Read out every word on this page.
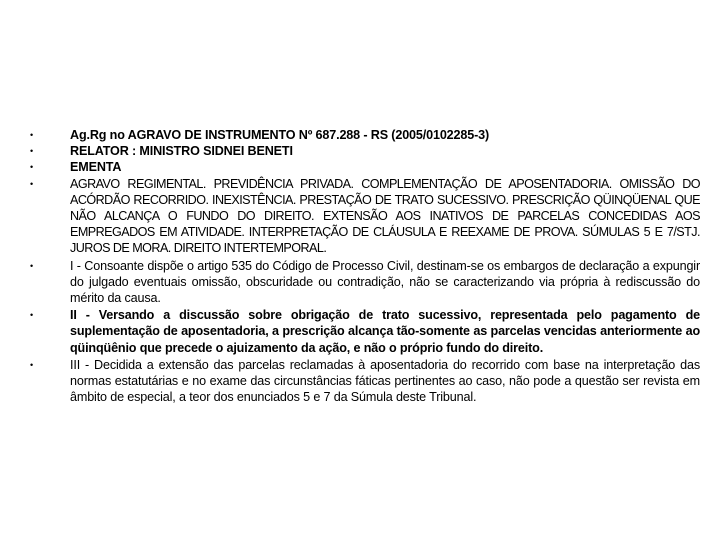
•	Ag.Rg no AGRAVO DE INSTRUMENTO Nº 687.288 - RS (2005/0102285-3)
•	RELATOR : MINISTRO SIDNEI BENETI
•	EMENTA
•	AGRAVO REGIMENTAL. PREVIDÊNCIA PRIVADA. COMPLEMENTAÇÃO DE APOSENTADORIA. OMISSÃO DO ACÓRDÃO RECORRIDO. INEXISTÊNCIA. PRESTAÇÃO DE TRATO SUCESSIVO. PRESCRIÇÃO QÜINQÜENAL QUE NÃO ALCANÇA O FUNDO DO DIREITO. EXTENSÃO AOS INATIVOS DE PARCELAS CONCEDIDAS AOS EMPREGADOS EM ATIVIDADE. INTERPRETAÇÃO DE CLÁUSULA E REEXAME DE PROVA. SÚMULAS 5 E 7/STJ. JUROS DE MORA. DIREITO INTERTEMPORAL.
•	I - Consoante dispõe o artigo 535 do Código de Processo Civil, destinam-se os embargos de declaração a expungir do julgado eventuais omissão, obscuridade ou contradição, não se caracterizando via própria à rediscussão do mérito da causa.
•	II - Versando a discussão sobre obrigação de trato sucessivo, representada pelo pagamento de suplementação de aposentadoria, a prescrição alcança tão-somente as parcelas vencidas anteriormente ao qüinqüênio que precede o ajuizamento da ação, e não o próprio fundo do direito.
•	III - Decidida a extensão das parcelas reclamadas à aposentadoria do recorrido com base na interpretação das normas estatutárias e no exame das circunstâncias fáticas pertinentes ao caso, não pode a questão ser revista em âmbito de especial, a teor dos enunciados 5 e 7 da Súmula deste Tribunal.
